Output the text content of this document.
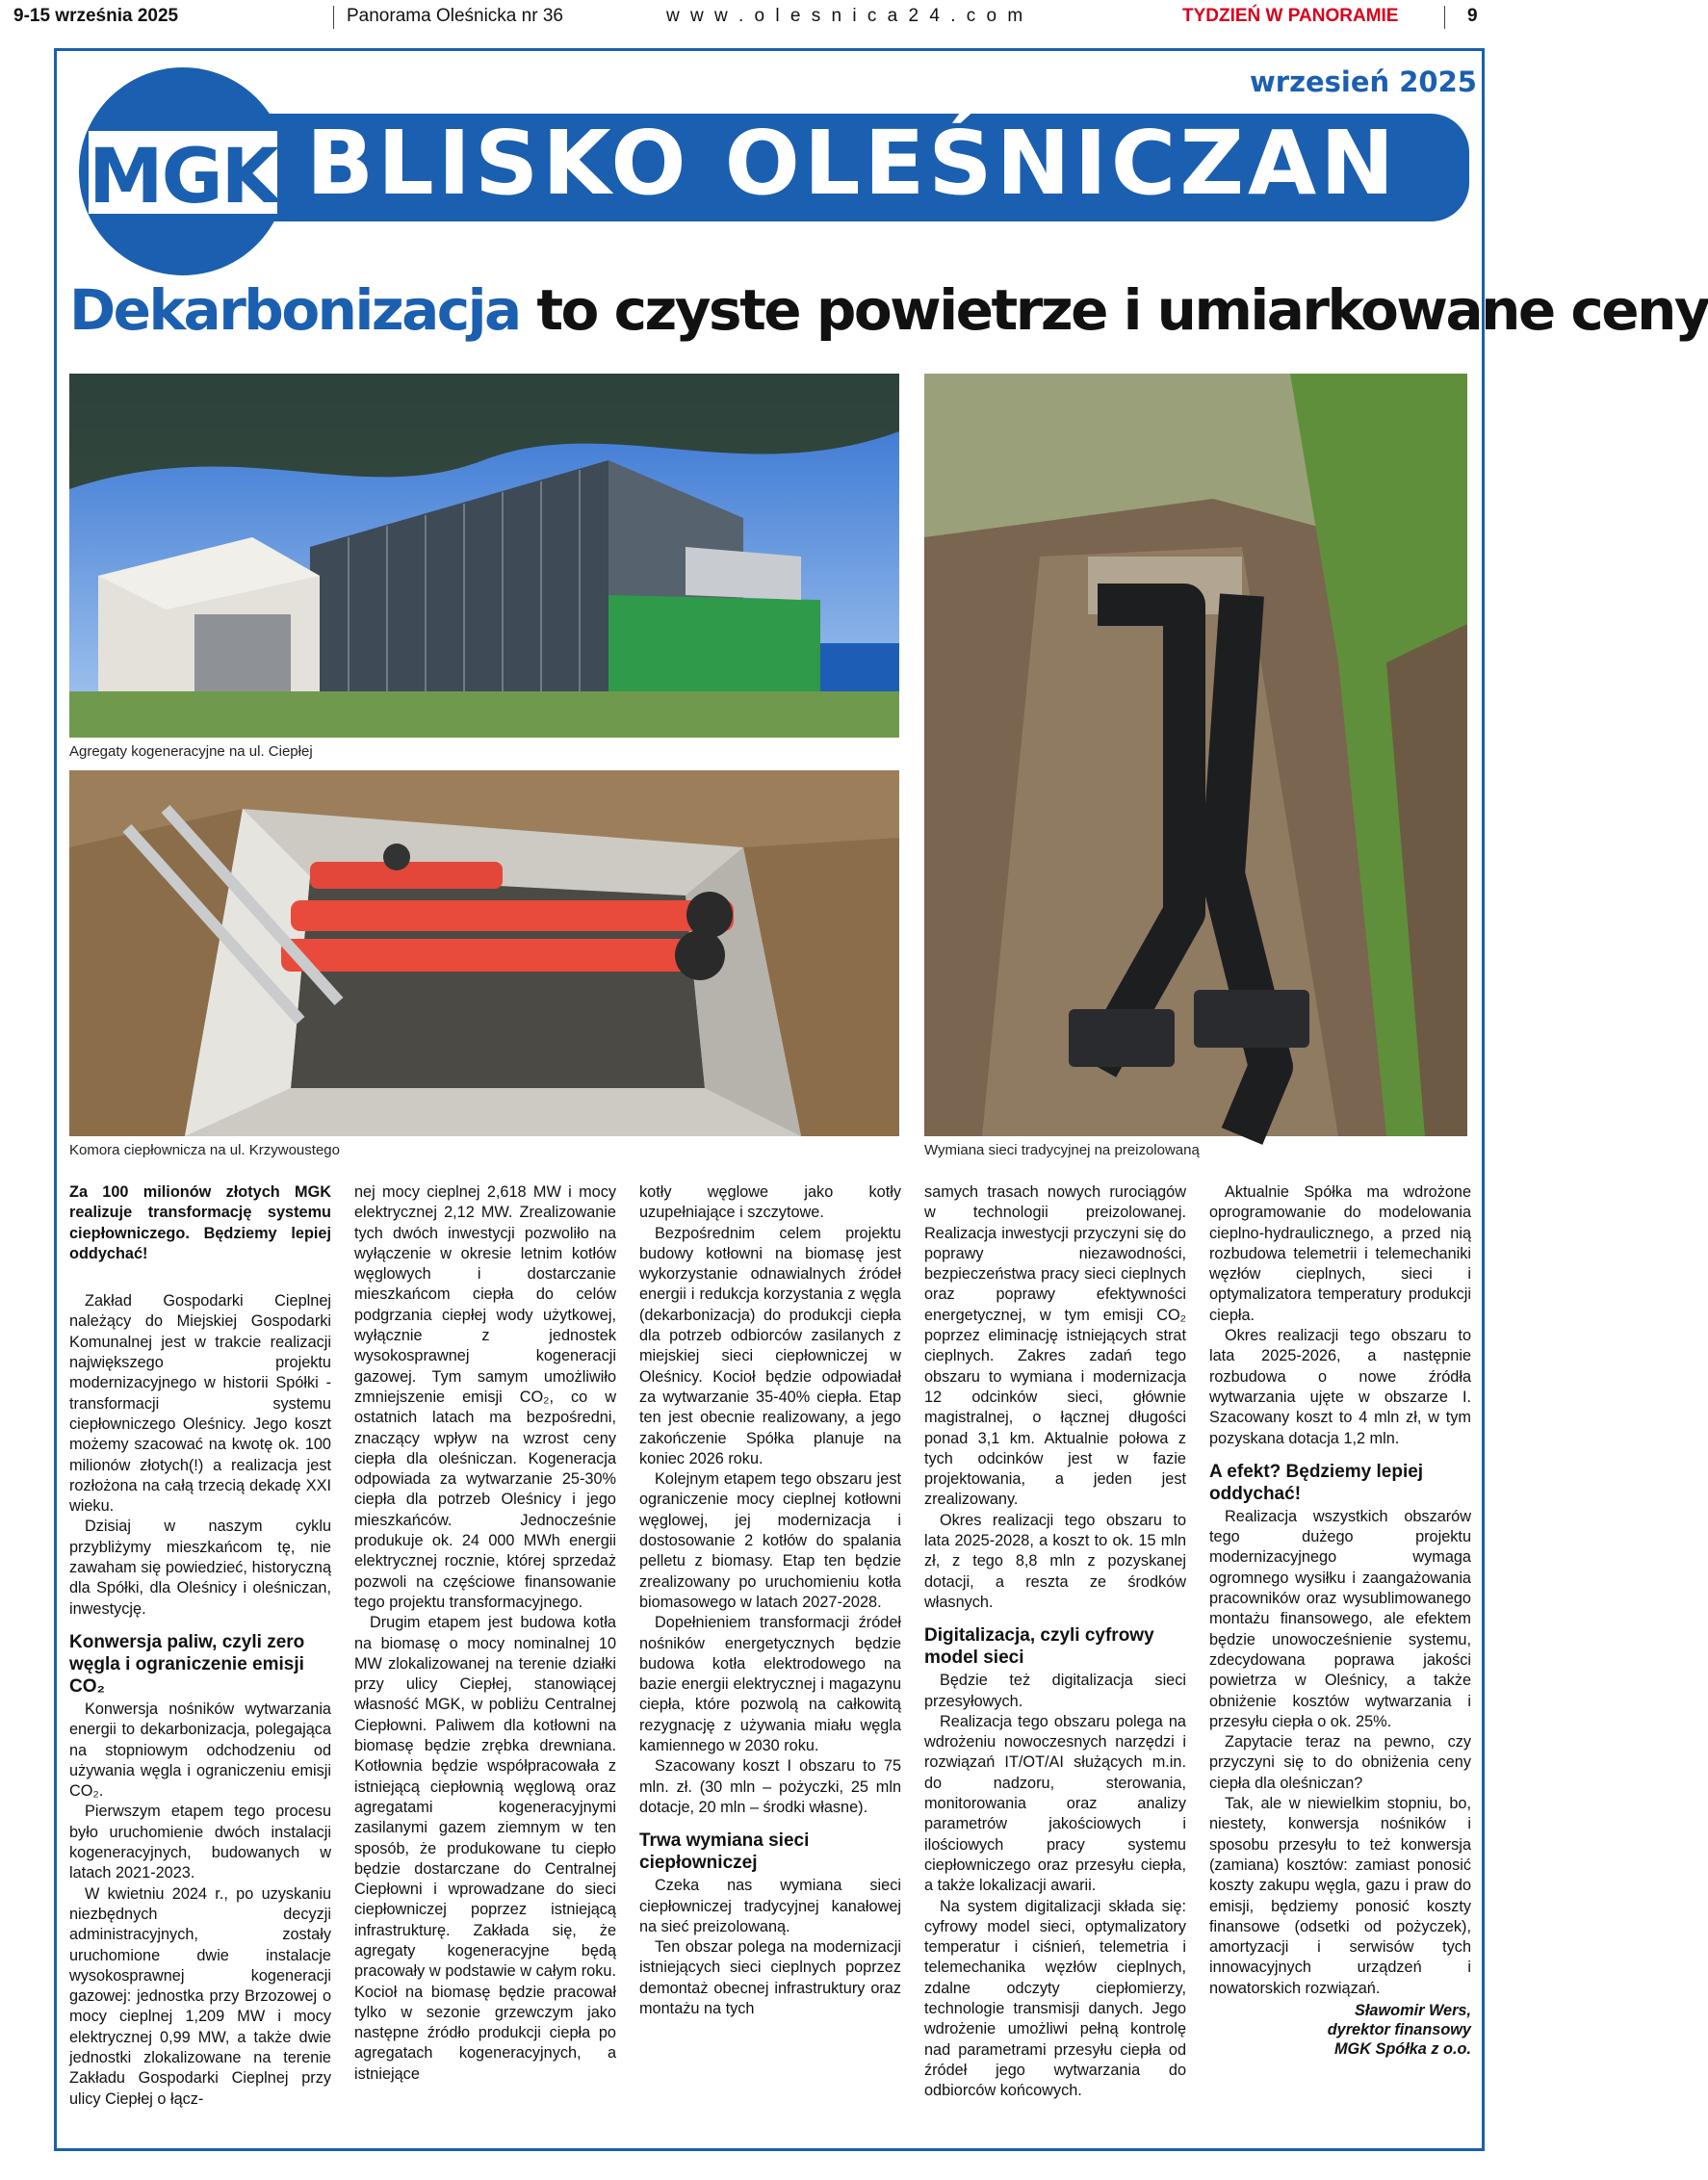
9-15 września 2025	Panorama Oleśnicka nr 36	w w w . o l e s n i c a 2 4 . c o m	TYDZIEŃ W PANORAMIE	9
BLISKO OLEŚNICZAN
wrzesień 2025
MGK
Dekarbonizacja to czyste powietrze i umiarkowane ceny
Agregaty kogeneracyjne na ul. Ciepłej
Komora ciepłownicza na ul. Krzywoustego	Wymiana sieci tradycyjnej na preizolowaną

Za 100 milionów złotych MGK realizuje transformację systemu ciepłowniczego. Będziemy lepiej oddychać!

Zakład Gospodarki Cieplnej należący do Miejskiej Gospodarki Komunalnej jest w trakcie realizacji największego projektu modernizacyjnego w historii Spółki - transformacji systemu ciepłowniczego Oleśnicy. Jego koszt możemy szacować na kwotę ok. 100 milionów złotych(!) a realizacja jest rozłożona na całą trzecią dekadę XXI wieku.

Dzisiaj w naszym cyklu przybliżymy mieszkańcom tę, nie zawaham się powiedzieć, historyczną dla Spółki, dla Oleśnicy i oleśniczan, inwestycję.

Konwersja paliw, czyli zero węgla i ograniczenie emisji CO₂

Konwersja nośników wytwarzania energii to dekarbonizacja, polegająca na stopniowym odchodzeniu od używania węgla i ograniczeniu emisji CO₂.

Pierwszym etapem tego procesu było uruchomienie dwóch instalacji kogeneracyjnych, budowanych w latach 2021-2023.

W kwietniu 2024 r., po uzyskaniu niezbędnych decyzji administracyjnych, zostały uruchomione dwie instalacje wysokosprawnej kogeneracji gazowej: jednostka przy Brzozowej o mocy cieplnej 1,209 MW i mocy elektrycznej 0,99 MW, a także dwie jednostki zlokalizowane na terenie Zakładu Gospodarki Cieplnej przy ulicy Ciepłej o łącz-

nej mocy cieplnej 2,618 MW i mocy elektrycznej 2,12 MW. Zrealizowanie tych dwóch inwestycji pozwoliło na wyłączenie w okresie letnim kotłów węglowych i dostarczanie mieszkańcom ciepła do celów podgrzania ciepłej wody użytkowej, wyłącznie z jednostek wysokosprawnej kogeneracji gazowej. Tym samym umożliwiło zmniejszenie emisji CO₂, co w ostatnich latach ma bezpośredni, znaczący wpływ na wzrost ceny ciepła dla oleśniczan. Kogeneracja odpowiada za wytwarzanie 25-30% ciepła dla potrzeb Oleśnicy i jego mieszkańców. Jednocześnie produkuje ok. 24 000 MWh energii elektrycznej rocznie, której sprzedaż pozwoli na częściowe finansowanie tego projektu transformacyjnego.

Drugim etapem jest budowa kotła na biomasę o mocy nominalnej 10 MW zlokalizowanej na terenie działki przy ulicy Ciepłej, stanowiącej własność MGK, w pobliżu Centralnej Ciepłowni. Paliwem dla kotłowni na biomasę będzie zrębka drewniana. Kotłownia będzie współpracowała z istniejącą ciepłownią węglową oraz agregatami kogeneracyjnymi zasilanymi gazem ziemnym w ten sposób, że produkowane tu ciepło będzie dostarczane do Centralnej Ciepłowni i wprowadzane do sieci ciepłowniczej poprzez istniejącą infrastrukturę. Zakłada się, że agregaty kogeneracyjne będą pracowały w podstawie w całym roku. Kocioł na biomasę będzie pracował tylko w sezonie grzewczym jako następne źródło produkcji ciepła po agregatach kogeneracyjnych, a istniejące

kotły węglowe jako kotły uzupełniające i szczytowe.

Bezpośrednim celem projektu budowy kotłowni na biomasę jest wykorzystanie odnawialnych źródeł energii i redukcja korzystania z węgla (dekarbonizacja) do produkcji ciepła dla potrzeb odbiorców zasilanych z miejskiej sieci ciepłowniczej w Oleśnicy. Kocioł będzie odpowiadał za wytwarzanie 35-40% ciepła. Etap ten jest obecnie realizowany, a jego zakończenie Spółka planuje na koniec 2026 roku.

Kolejnym etapem tego obszaru jest ograniczenie mocy cieplnej kotłowni węglowej, jej modernizacja i dostosowanie 2 kotłów do spalania pelletu z biomasy. Etap ten będzie zrealizowany po uruchomieniu kotła biomasowego w latach 2027-2028.

Dopełnieniem transformacji źródeł nośników energetycznych będzie budowa kotła elektrodowego na bazie energii elektrycznej i magazynu ciepła, które pozwolą na całkowitą rezygnację z używania miału węgla kamiennego w 2030 roku.

Szacowany koszt I obszaru to 75 mln. zł. (30 mln – pożyczki, 25 mln dotacje, 20 mln – środki własne).

Trwa wymiana sieci ciepłowniczej

Czeka nas wymiana sieci ciepłowniczej tradycyjnej kanałowej na sieć preizolowaną.

Ten obszar polega na modernizacji istniejących sieci cieplnych poprzez demontaż obecnej infrastruktury oraz montażu na tych

samych trasach nowych rurociągów w technologii preizolowanej. Realizacja inwestycji przyczyni się do poprawy niezawodności, bezpieczeństwa pracy sieci cieplnych oraz poprawy efektywności energetycznej, w tym emisji CO₂ poprzez eliminację istniejących strat cieplnych. Zakres zadań tego obszaru to wymiana i modernizacja 12 odcinków sieci, głównie magistralnej, o łącznej długości ponad 3,1 km. Aktualnie połowa z tych odcinków jest w fazie projektowania, a jeden jest zrealizowany.

Okres realizacji tego obszaru to lata 2025-2028, a koszt to ok. 15 mln zł, z tego 8,8 mln z pozyskanej dotacji, a reszta ze środków własnych.

Digitalizacja, czyli cyfrowy model sieci

Będzie też digitalizacja sieci przesyłowych.

Realizacja tego obszaru polega na wdrożeniu nowoczesnych narzędzi i rozwiązań IT/OT/AI służących m.in. do nadzoru, sterowania, monitorowania oraz analizy parametrów jakościowych i ilościowych pracy systemu ciepłowniczego oraz przesyłu ciepła, a także lokalizacji awarii.

Na system digitalizacji składa się: cyfrowy model sieci, optymalizatory temperatur i ciśnień, telemetria i telemechanika węzłów cieplnych, zdalne odczyty ciepłomierzy, technologie transmisji danych. Jego wdrożenie umożliwi pełną kontrolę nad parametrami przesyłu ciepła od źródeł jego wytwarzania do odbiorców końcowych.

Aktualnie Spółka ma wdrożone oprogramowanie do modelowania cieplno-hydraulicznego, a przed nią rozbudowa telemetrii i telemechaniki węzłów cieplnych, sieci i optymalizatora temperatury produkcji ciepła.

Okres realizacji tego obszaru to lata 2025-2026, a następnie rozbudowa o nowe źródła wytwarzania ujęte w obszarze I. Szacowany koszt to 4 mln zł, w tym pozyskana dotacja 1,2 mln.

A efekt? Będziemy lepiej oddychać!

Realizacja wszystkich obszarów tego dużego projektu modernizacyjnego wymaga ogromnego wysiłku i zaangażowania pracowników oraz wysublimowanego montażu finansowego, ale efektem będzie unowocześnienie systemu, zdecydowana poprawa jakości powietrza w Oleśnicy, a także obniżenie kosztów wytwarzania i przesyłu ciepła o ok. 25%.

Zapytacie teraz na pewno, czy przyczyni się to do obniżenia ceny ciepła dla oleśniczan?

Tak, ale w niewielkim stopniu, bo, niestety, konwersja nośników i sposobu przesyłu to też konwersja (zamiana) kosztów: zamiast ponosić koszty zakupu węgla, gazu i praw do emisji, będziemy ponosić koszty finansowe (odsetki od pożyczek), amortyzacji i serwisów tych innowacyjnych urządzeń i nowatorskich rozwiązań.

Sławomir Wers,
dyrektor finansowy
MGK Spółka z o.o.
